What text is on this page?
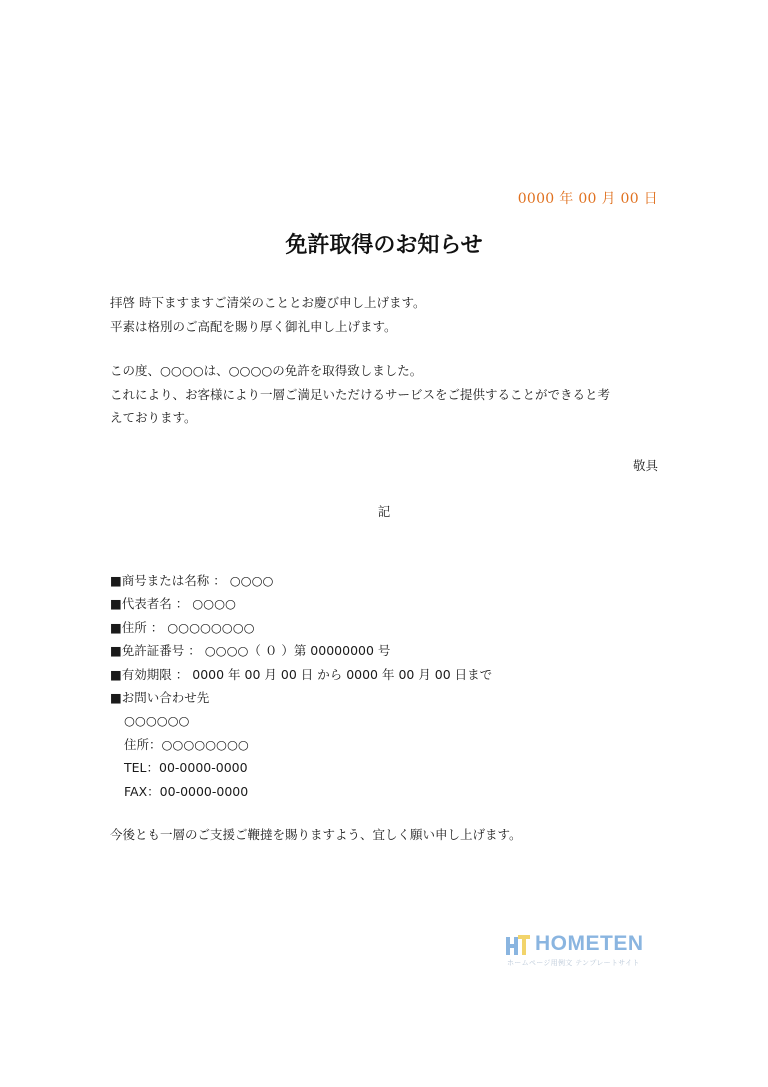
0000 年 00 月 00 日
免許取得のお知らせ
拝啓 時下ますますご清栄のこととお慶び申し上げます。
平素は格別のご高配を賜り厚く御礼申し上げます。
この度、○○○○は、○○○○の免許を取得致しました。
これにより、お客様により一層ご満足いただけるサービスをご提供することができると考
えております。
敬具
記
■商号または名称 ： ○○○○
■代表者名 ： ○○○○
■住所 ： ○○○○○○○○
■免許証番号 ： ○○○○（ ０ ）第 00000000 号
■有効期限 ： 0000 年 00 月 00 日 から 0000 年 00 月 00 日まで
■お問い合わせ先
○○○○○○
住所：○○○○○○○○
TEL：00-0000-0000
FAX：00-0000-0000
今後とも一層のご支援ご鞭撻を賜りますよう、宜しく願い申し上げます。
HOMETEN
ホームページ用例文 テンプレートサイト
